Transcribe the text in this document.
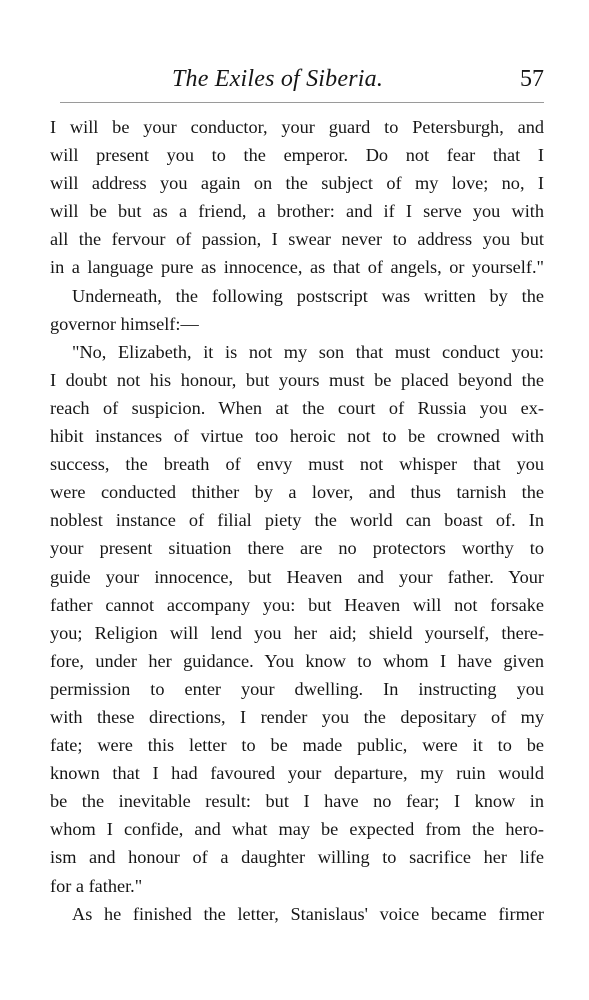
The Exiles of Siberia.	57
I will be your conductor, your guard to Petersburgh, and
will present you to the emperor. Do not fear that I
will address you again on the subject of my love; no, I
will be but as a friend, a brother: and if I serve you with
all the fervour of passion, I swear never to address you but
in a language pure as innocence, as that of angels, or yourself."
Underneath, the following postscript was written by the
governor himself:—
"No, Elizabeth, it is not my son that must conduct you:
I doubt not his honour, but yours must be placed beyond the
reach of suspicion. When at the court of Russia you ex-
hibit instances of virtue too heroic not to be crowned with
success, the breath of envy must not whisper that you
were conducted thither by a lover, and thus tarnish the
noblest instance of filial piety the world can boast of. In
your present situation there are no protectors worthy to
guide your innocence, but Heaven and your father. Your
father cannot accompany you: but Heaven will not forsake
you; Religion will lend you her aid; shield yourself, there-
fore, under her guidance. You know to whom I have given
permission to enter your dwelling. In instructing you
with these directions, I render you the depositary of my
fate; were this letter to be made public, were it to be
known that I had favoured your departure, my ruin would
be the inevitable result: but I have no fear; I know in
whom I confide, and what may be expected from the hero-
ism and honour of a daughter willing to sacrifice her life
for a father."
As he finished the letter, Stanislaus' voice became firmer
